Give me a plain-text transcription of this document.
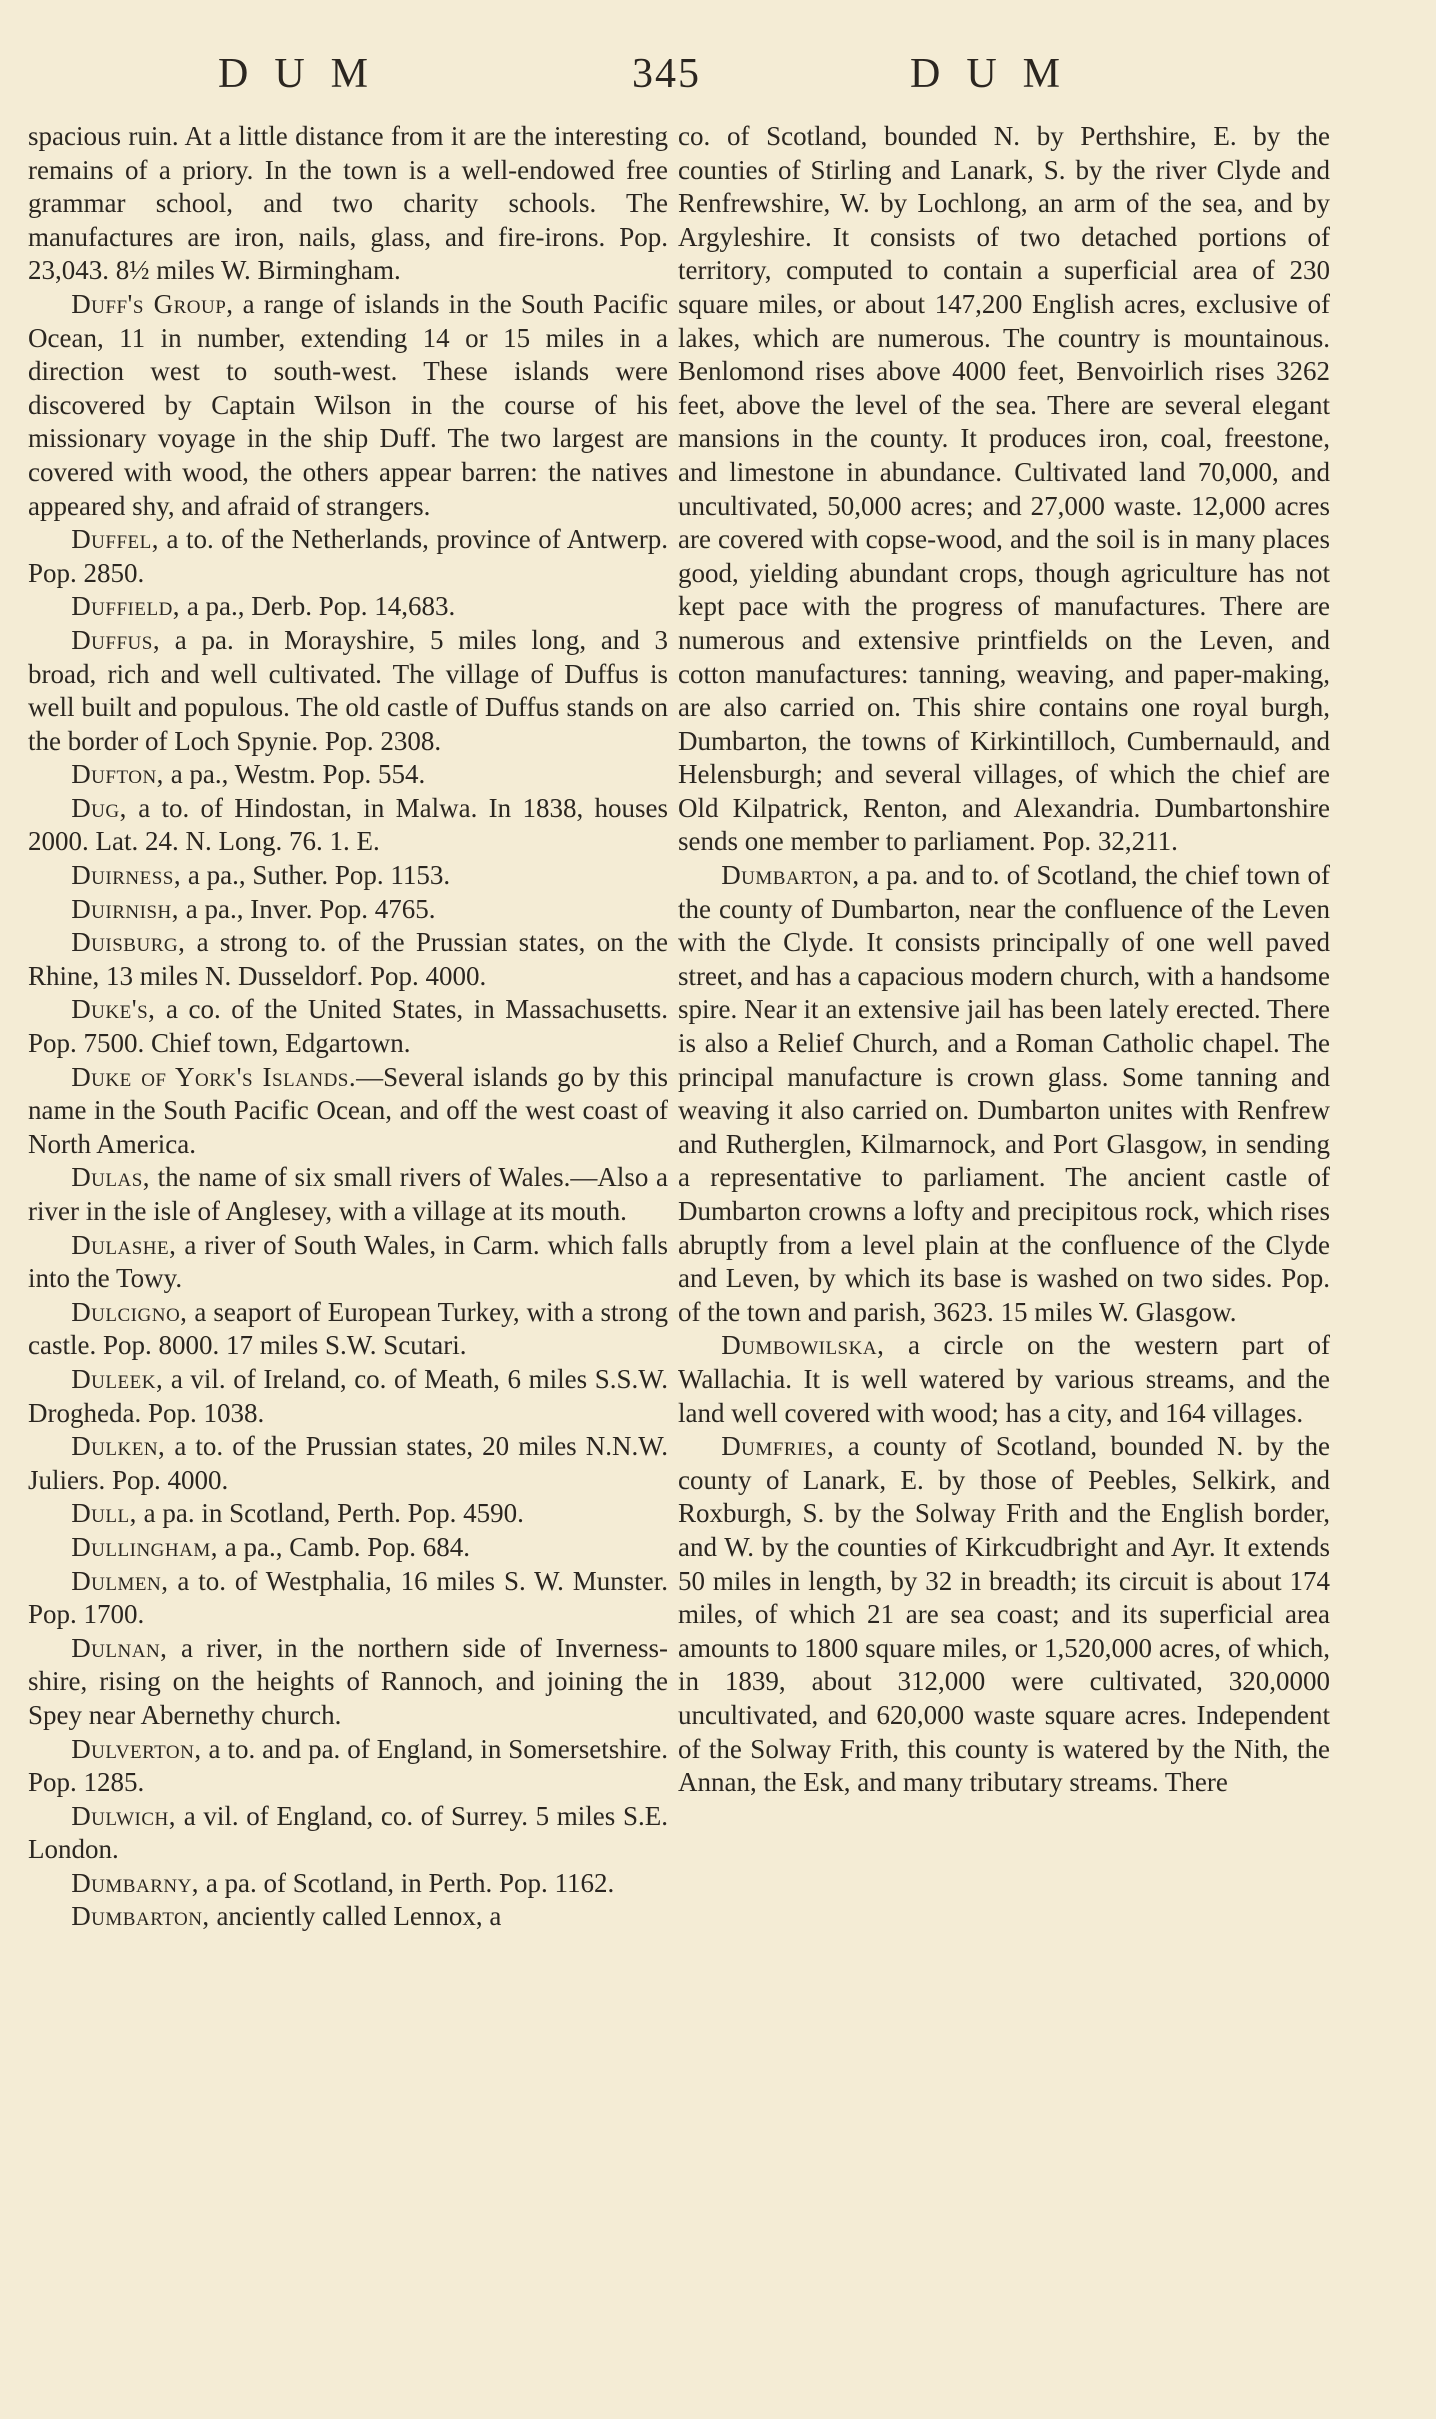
DUM	345	DUM

spacious ruin. At a little distance from it are the interesting remains of a priory. In the town is a well-endowed free grammar school, and two charity schools. The manufactures are iron, nails, glass, and fire-irons. Pop. 23,043. 8½ miles W. Birmingham.

Duff's Group, a range of islands in the South Pacific Ocean, 11 in number, extending 14 or 15 miles in a direction west to south-west. These islands were discovered by Captain Wilson in the course of his missionary voyage in the ship Duff. The two largest are covered with wood, the others appear barren: the natives appeared shy, and afraid of strangers.

Duffel, a to. of the Netherlands, province of Antwerp. Pop. 2850.

Duffield, a pa., Derb. Pop. 14,683.

Duffus, a pa. in Morayshire, 5 miles long, and 3 broad, rich and well cultivated. The village of Duffus is well built and populous. The old castle of Duffus stands on the border of Loch Spynie. Pop. 2308.

Dufton, a pa., Westm. Pop. 554.

Dug, a to. of Hindostan, in Malwa. In 1838, houses 2000. Lat. 24. N. Long. 76. 1. E.

Duirness, a pa., Suther. Pop. 1153.

Duirnish, a pa., Inver. Pop. 4765.

Duisburg, a strong to. of the Prussian states, on the Rhine, 13 miles N. Dusseldorf. Pop. 4000.

Duke's, a co. of the United States, in Massachusetts. Pop. 7500. Chief town, Edgartown.

Duke of York's Islands.—Several islands go by this name in the South Pacific Ocean, and off the west coast of North America.

Dulas, the name of six small rivers of Wales.—Also a river in the isle of Anglesey, with a village at its mouth.

Dulashe, a river of South Wales, in Carm. which falls into the Towy.

Dulcigno, a seaport of European Turkey, with a strong castle. Pop. 8000. 17 miles S.W. Scutari.

Duleek, a vil. of Ireland, co. of Meath, 6 miles S.S.W. Drogheda. Pop. 1038.

Dulken, a to. of the Prussian states, 20 miles N.N.W. Juliers. Pop. 4000.

Dull, a pa. in Scotland, Perth. Pop. 4590.

Dullingham, a pa., Camb. Pop. 684.

Dulmen, a to. of Westphalia, 16 miles S. W. Munster. Pop. 1700.

Dulnan, a river, in the northern side of Inverness-shire, rising on the heights of Rannoch, and joining the Spey near Abernethy church.

Dulverton, a to. and pa. of England, in Somersetshire. Pop. 1285.

Dulwich, a vil. of England, co. of Surrey. 5 miles S.E. London.

Dumbarny, a pa. of Scotland, in Perth. Pop. 1162.

Dumbarton, anciently called Lennox, a

co. of Scotland, bounded N. by Perthshire, E. by the counties of Stirling and Lanark, S. by the river Clyde and Renfrewshire, W. by Lochlong, an arm of the sea, and by Argyleshire. It consists of two detached portions of territory, computed to contain a superficial area of 230 square miles, or about 147,200 English acres, exclusive of lakes, which are numerous. The country is mountainous. Benlomond rises above 4000 feet, Benvoirlich rises 3262 feet, above the level of the sea. There are several elegant mansions in the county. It produces iron, coal, freestone, and limestone in abundance. Cultivated land 70,000, and uncultivated, 50,000 acres; and 27,000 waste. 12,000 acres are covered with copse-wood, and the soil is in many places good, yielding abundant crops, though agriculture has not kept pace with the progress of manufactures. There are numerous and extensive printfields on the Leven, and cotton manufactures: tanning, weaving, and paper-making, are also carried on. This shire contains one royal burgh, Dumbarton, the towns of Kirkintilloch, Cumbernauld, and Helensburgh; and several villages, of which the chief are Old Kilpatrick, Renton, and Alexandria. Dumbartonshire sends one member to parliament. Pop. 32,211.

Dumbarton, a pa. and to. of Scotland, the chief town of the county of Dumbarton, near the confluence of the Leven with the Clyde. It consists principally of one well paved street, and has a capacious modern church, with a handsome spire. Near it an extensive jail has been lately erected. There is also a Relief Church, and a Roman Catholic chapel. The principal manufacture is crown glass. Some tanning and weaving it also carried on. Dumbarton unites with Renfrew and Rutherglen, Kilmarnock, and Port Glasgow, in sending a representative to parliament. The ancient castle of Dumbarton crowns a lofty and precipitous rock, which rises abruptly from a level plain at the confluence of the Clyde and Leven, by which its base is washed on two sides. Pop. of the town and parish, 3623. 15 miles W. Glasgow.

Dumbowilska, a circle on the western part of Wallachia. It is well watered by various streams, and the land well covered with wood; has a city, and 164 villages.

Dumfries, a county of Scotland, bounded N. by the county of Lanark, E. by those of Peebles, Selkirk, and Roxburgh, S. by the Solway Frith and the English border, and W. by the counties of Kirkcudbright and Ayr. It extends 50 miles in length, by 32 in breadth; its circuit is about 174 miles, of which 21 are sea coast; and its superficial area amounts to 1800 square miles, or 1,520,000 acres, of which, in 1839, about 312,000 were cultivated, 320,0000 uncultivated, and 620,000 waste square acres. Independent of the Solway Frith, this county is watered by the Nith, the Annan, the Esk, and many tributary streams. There
